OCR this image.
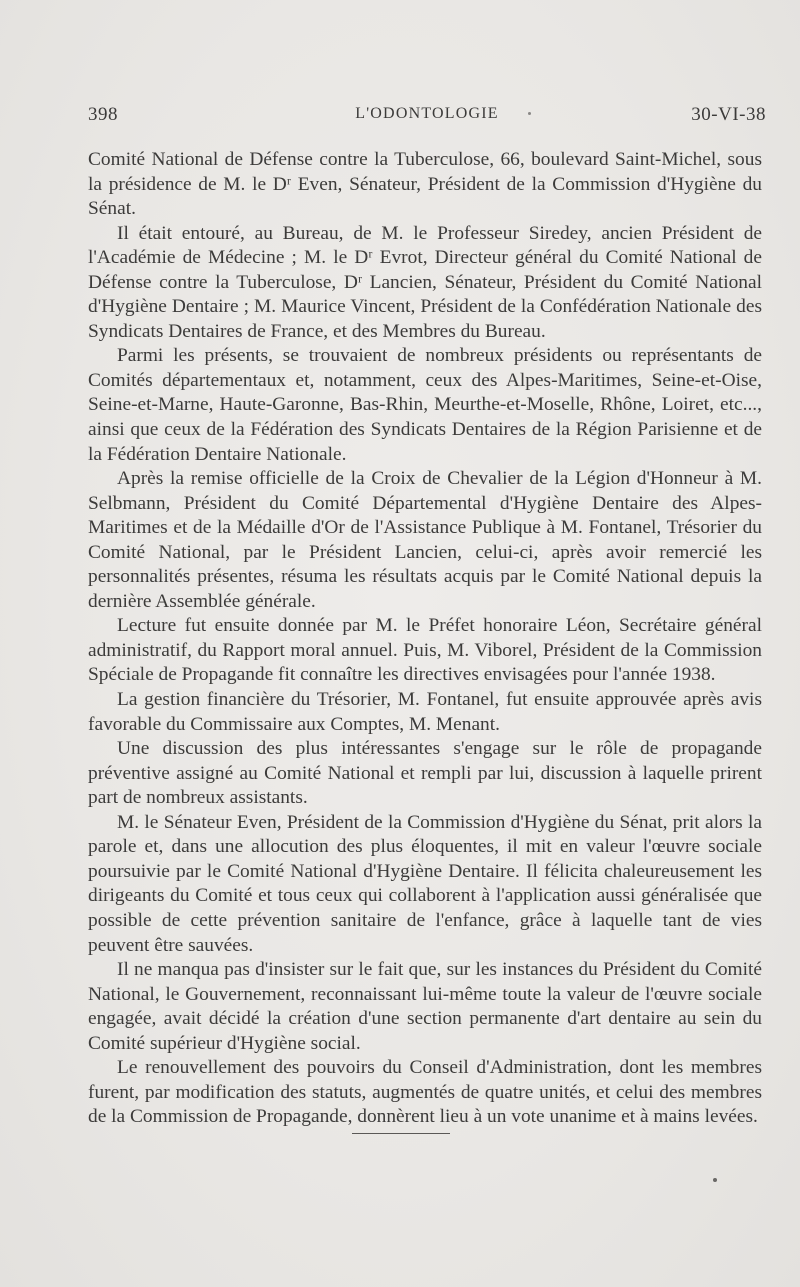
398	L'ODONTOLOGIE	30-VI-38

Comité National de Défense contre la Tuberculose, 66, boulevard Saint-Michel, sous la présidence de M. le Dʳ Even, Sénateur, Président de la Commission d'Hygiène du Sénat.

Il était entouré, au Bureau, de M. le Professeur Siredey, ancien Président de l'Académie de Médecine ; M. le Dʳ Evrot, Directeur général du Comité National de Défense contre la Tuberculose, Dʳ Lancien, Sénateur, Président du Comité National d'Hygiène Dentaire ; M. Maurice Vincent, Président de la Confédération Nationale des Syndicats Dentaires de France, et des Membres du Bureau.

Parmi les présents, se trouvaient de nombreux présidents ou représentants de Comités départementaux et, notamment, ceux des Alpes-Maritimes, Seine-et-Oise, Seine-et-Marne, Haute-Garonne, Bas-Rhin, Meurthe-et-Moselle, Rhône, Loiret, etc..., ainsi que ceux de la Fédération des Syndicats Dentaires de la Région Parisienne et de la Fédération Dentaire Nationale.

Après la remise officielle de la Croix de Chevalier de la Légion d'Honneur à M. Selbmann, Président du Comité Départemental d'Hygiène Dentaire des Alpes-Maritimes et de la Médaille d'Or de l'Assistance Publique à M. Fontanel, Trésorier du Comité National, par le Président Lancien, celui-ci, après avoir remercié les personnalités présentes, résuma les résultats acquis par le Comité National depuis la dernière Assemblée générale.

Lecture fut ensuite donnée par M. le Préfet honoraire Léon, Secrétaire général administratif, du Rapport moral annuel. Puis, M. Viborel, Président de la Commission Spéciale de Propagande fit connaître les directives envisagées pour l'année 1938.

La gestion financière du Trésorier, M. Fontanel, fut ensuite approuvée après avis favorable du Commissaire aux Comptes, M. Menant.

Une discussion des plus intéressantes s'engage sur le rôle de propagande préventive assigné au Comité National et rempli par lui, discussion à laquelle prirent part de nombreux assistants.

M. le Sénateur Even, Président de la Commission d'Hygiène du Sénat, prit alors la parole et, dans une allocution des plus éloquentes, il mit en valeur l'œuvre sociale poursuivie par le Comité National d'Hygiène Dentaire. Il félicita chaleureusement les dirigeants du Comité et tous ceux qui collaborent à l'application aussi généralisée que possible de cette prévention sanitaire de l'enfance, grâce à laquelle tant de vies peuvent être sauvées.

Il ne manqua pas d'insister sur le fait que, sur les instances du Président du Comité National, le Gouvernement, reconnaissant lui-même toute la valeur de l'œuvre sociale engagée, avait décidé la création d'une section permanente d'art dentaire au sein du Comité supérieur d'Hygiène social.

Le renouvellement des pouvoirs du Conseil d'Administration, dont les membres furent, par modification des statuts, augmentés de quatre unités, et celui des membres de la Commission de Propagande, donnèrent lieu à un vote unanime et à mains levées.
